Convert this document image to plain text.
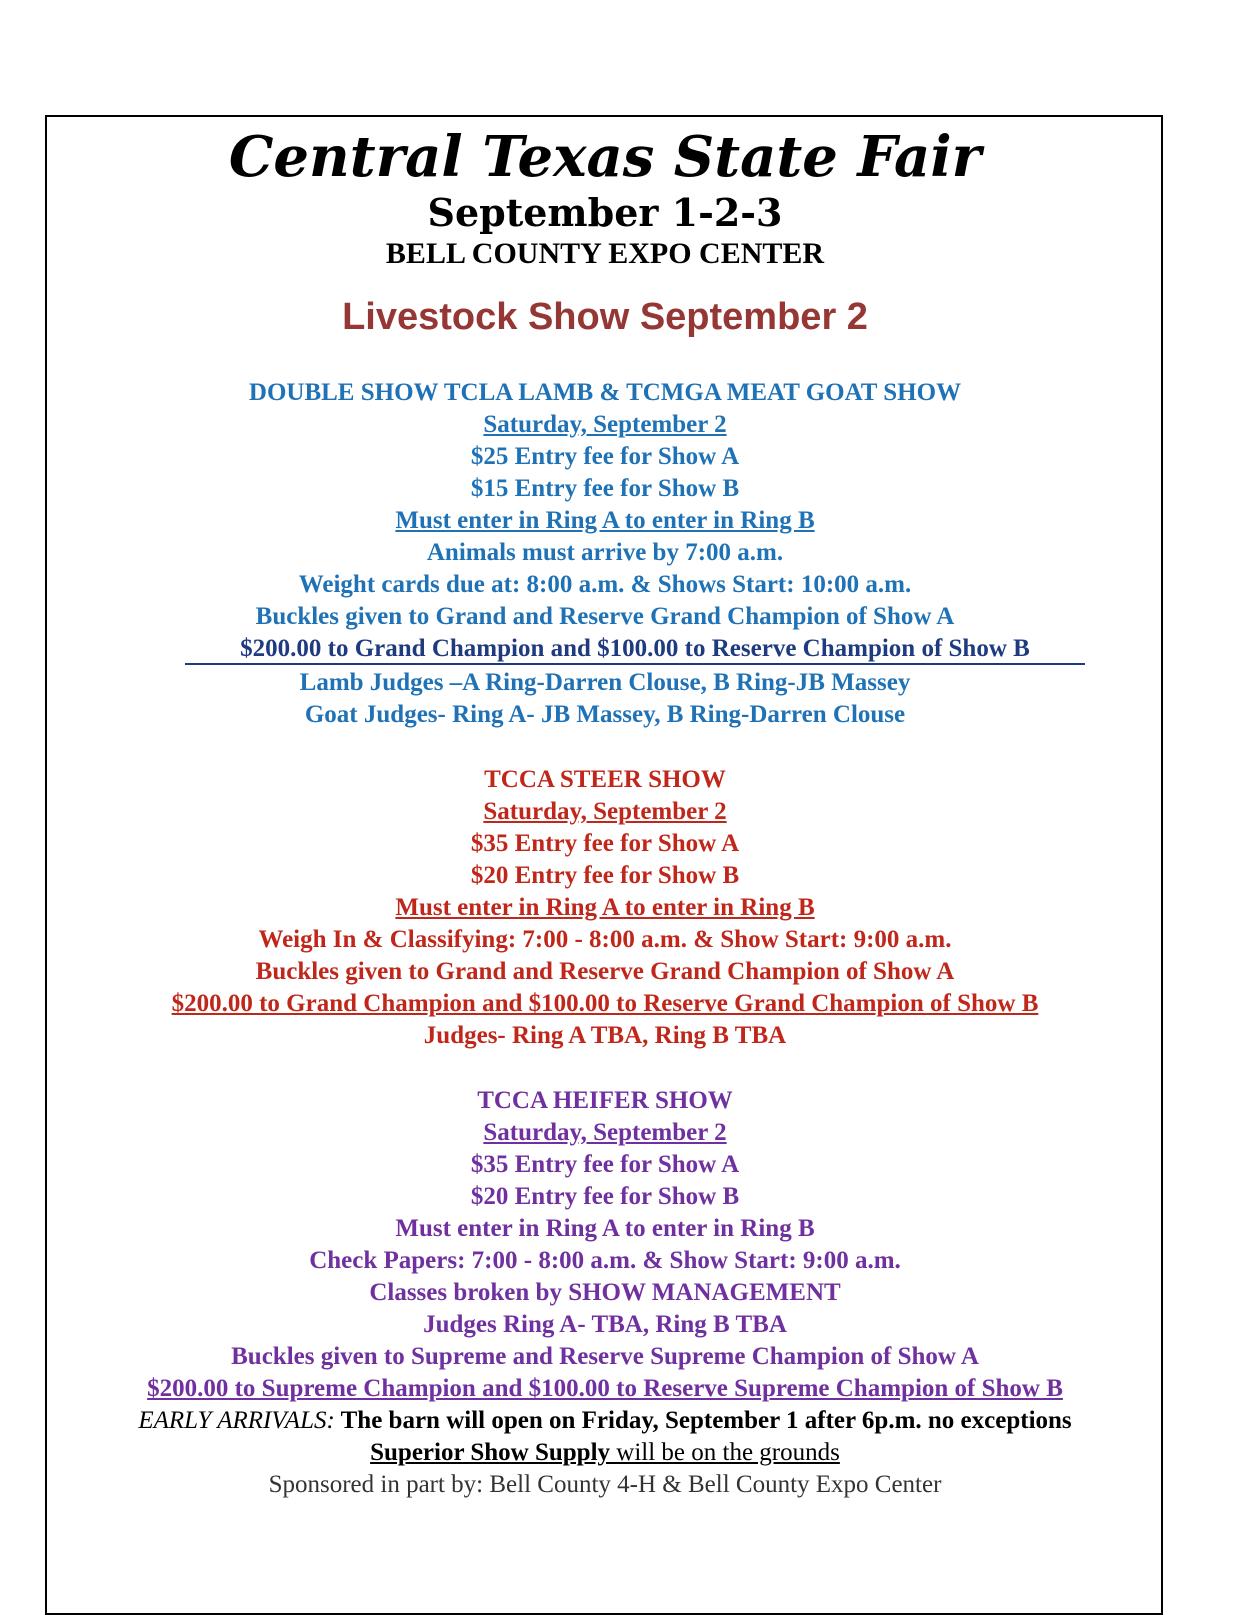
Central Texas State Fair
September 1-2-3
BELL COUNTY EXPO CENTER
Livestock Show September 2
DOUBLE SHOW TCLA LAMB & TCMGA MEAT GOAT SHOW
Saturday, September 2
$25 Entry fee for Show A
$15 Entry fee for Show B
Must enter in Ring A to enter in Ring B
Animals must arrive by 7:00 a.m.
Weight cards due at: 8:00 a.m. & Shows Start: 10:00 a.m.
Buckles given to Grand and Reserve Grand Champion of Show A
$200.00 to Grand Champion and $100.00 to Reserve Champion of Show B
Lamb Judges –A Ring-Darren Clouse, B Ring-JB Massey
Goat Judges- Ring A- JB Massey, B Ring-Darren Clouse
TCCA STEER SHOW
Saturday, September 2
$35 Entry fee for Show A
$20 Entry fee for Show B
Must enter in Ring A to enter in Ring B
Weigh In & Classifying: 7:00 - 8:00 a.m. & Show Start: 9:00 a.m.
Buckles given to Grand and Reserve Grand Champion of Show A
$200.00 to Grand Champion and $100.00 to Reserve Grand Champion of Show B
Judges- Ring A TBA, Ring B TBA
TCCA HEIFER SHOW
Saturday, September 2
$35 Entry fee for Show A
$20 Entry fee for Show B
Must enter in Ring A to enter in Ring B
Check Papers: 7:00 - 8:00 a.m. & Show Start: 9:00 a.m.
Classes broken by SHOW MANAGEMENT
Judges Ring A- TBA, Ring B TBA
Buckles given to Supreme and Reserve Supreme Champion of Show A
$200.00 to Supreme Champion and $100.00 to Reserve Supreme Champion of Show B
EARLY ARRIVALS: The barn will open on Friday, September 1 after 6p.m. no exceptions
Superior Show Supply will be on the grounds
Sponsored in part by: Bell County 4-H & Bell County Expo Center
